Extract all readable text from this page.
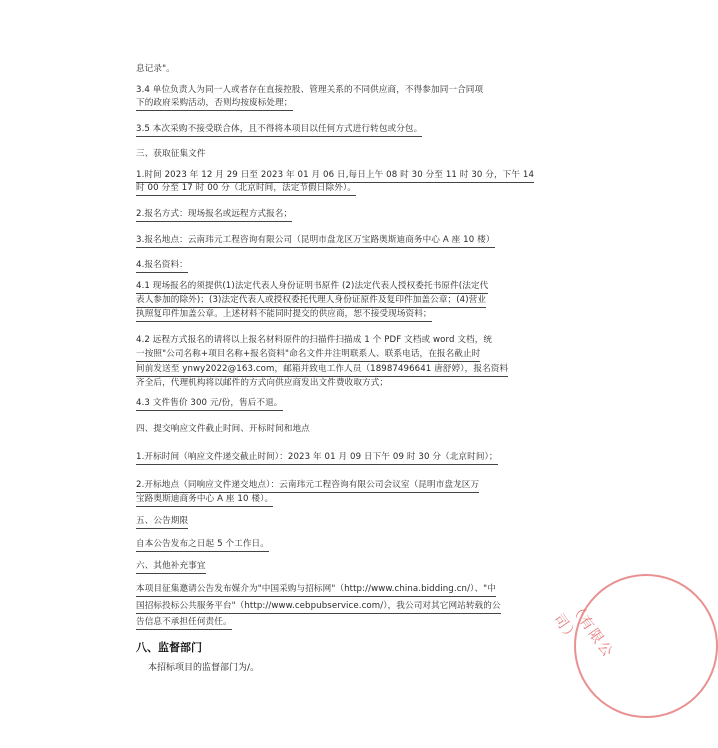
息记录"。
3.4 单位负责人为同一人或者存在直接控股、管理关系的不同供应商，不得参加同一合同项
下的政府采购活动，否则均按废标处理；
3.5 本次采购不接受联合体，且不得将本项目以任何方式进行转包或分包。
三、获取征集文件
1.时间 2023 年 12 月 29 日至 2023 年 01 月 06 日,每日上午 08 时 30 分至 11 时 30 分，下午 14
时 00 分至 17 时 00 分（北京时间，法定节假日除外）。
2.报名方式：现场报名或远程方式报名；
3.报名地点：云南玮元工程咨询有限公司（昆明市盘龙区万宝路奥斯迪商务中心 A 座 10 楼）
4.报名资料：
4.1 现场报名的须提供(1)法定代表人身份证明书原件 (2)法定代表人授权委托书原件(法定代
表人参加的除外)；(3)法定代表人或授权委托代理人身份证原件及复印件加盖公章；(4)营业
执照复印件加盖公章。上述材料不能同时提交的供应商，恕不接受现场资料；
4.2 远程方式报名的请将以上报名材料原件的扫描件扫描成 1 个 PDF 文档或 word 文档，统
一按照"公司名称+项目名称+报名资料"命名文件并注明联系人、联系电话，在报名截止时
间前发送至 ynwy2022@163.com，邮箱并致电工作人员（18987496641 唐舒婷），报名资料
齐全后，代理机构将以邮件的方式向供应商发出文件费收取方式；
4.3 文件售价 300 元/份，售后不退。
四、提交响应文件截止时间、开标时间和地点
1.开标时间（响应文件递交截止时间）：2023 年 01 月 09 日下午 09 时 30 分（北京时间）；
2.开标地点（同响应文件递交地点）：云南玮元工程咨询有限公司会议室（昆明市盘龙区万
宝路奥斯迪商务中心 A 座 10 楼）。
五、公告期限
自本公告发布之日起 5 个工作日。
六、其他补充事宜
本项目征集邀请公告发布媒介为"中国采购与招标网"（http://www.china.bidding.cn/）、"中
国招标投标公共服务平台"（http://www.cebpubservice.com/），我公司对其它网站转载的公
告信息不承担任何责任。
八、监督部门
本招标项目的监督部门为/。
（有限公司）
